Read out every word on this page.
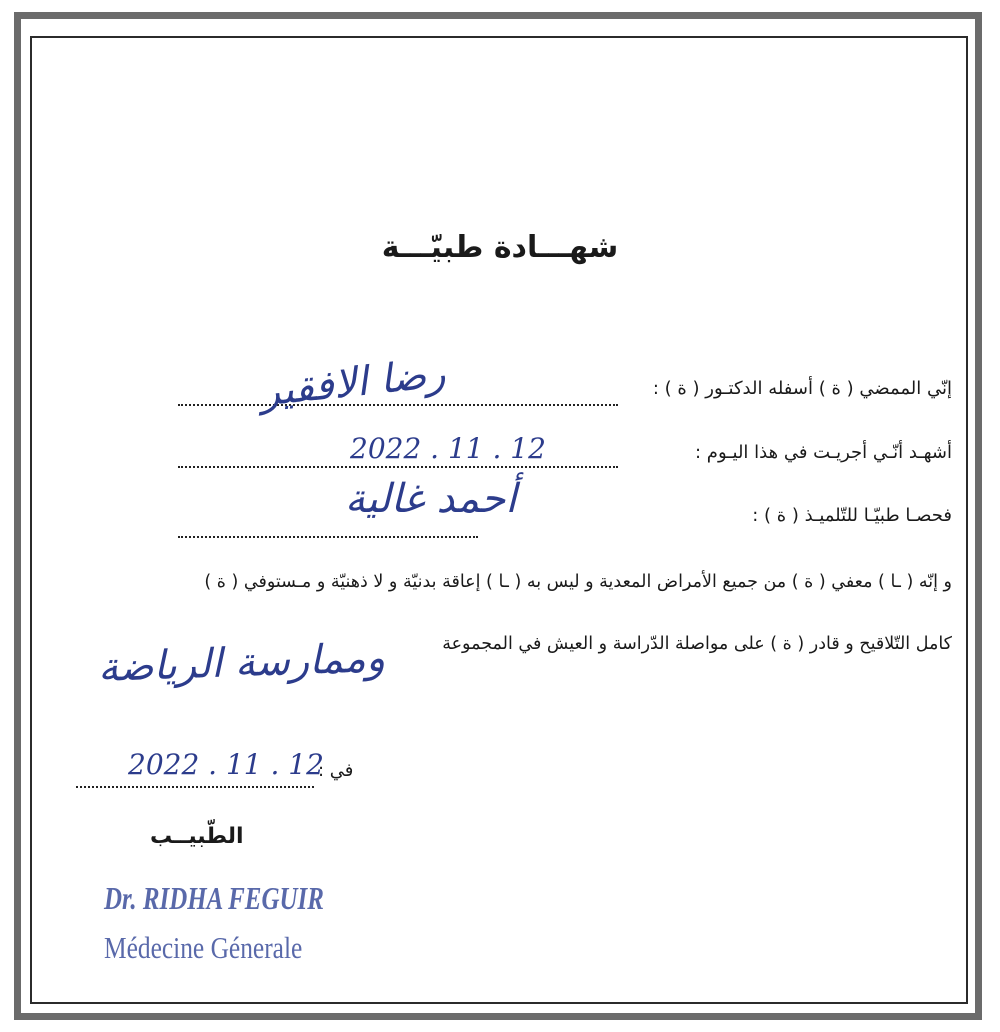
شهـــادة طبيّـــة
إنّي الممضي ( ة ) أسفله الدكتـور ( ة ) :
رضا الافقير
أشهـد أنّـي أجريـت في هذا اليـوم :
2022 . 11 . 12
فحصـا طبيّـا للتّلميـذ ( ة ) :
أحمد غالية
و إنّه ( ـا ) معفي ( ة ) من جميع الأمراض المعدية و ليس به ( ـا ) إعاقة بدنيّة و لا ذهنيّة و مـستوفي ( ة )
كامل التّلاقيح و قادر ( ة ) على مواصلة الدّراسة و العيش في المجموعة
وممارسة الرياضة
في :
2022 . 11 . 12
الطّبيــب
Dr. RIDHA FEGUIR
Médecine Génerale
